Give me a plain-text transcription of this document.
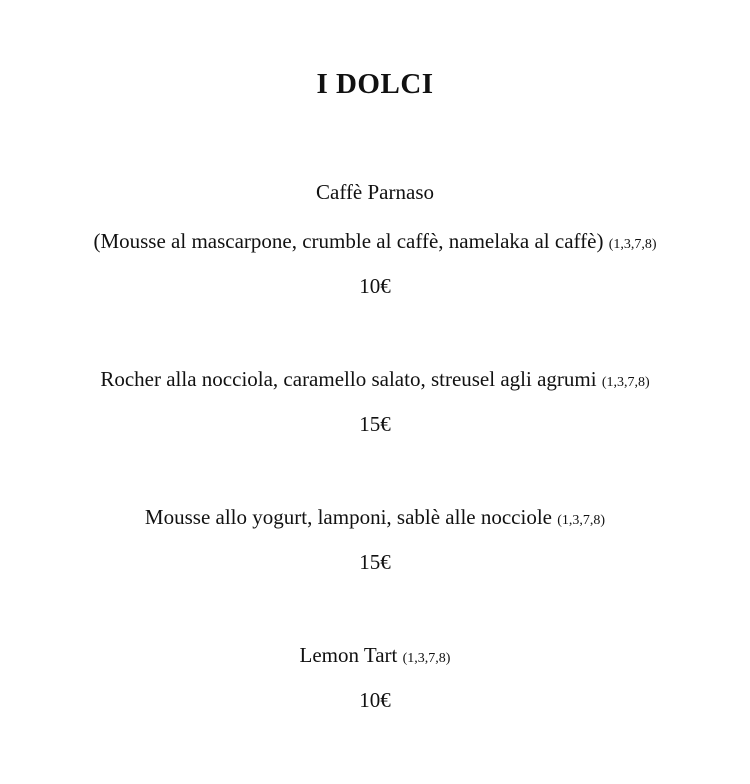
I DOLCI
Caffè Parnaso
(Mousse al mascarpone, crumble al caffè, namelaka al caffè) (1,3,7,8)
10€
Rocher alla nocciola, caramello salato, streusel agli agrumi (1,3,7,8)
15€
Mousse allo yogurt, lamponi, sablè alle nocciole (1,3,7,8)
15€
Lemon Tart (1,3,7,8)
10€
